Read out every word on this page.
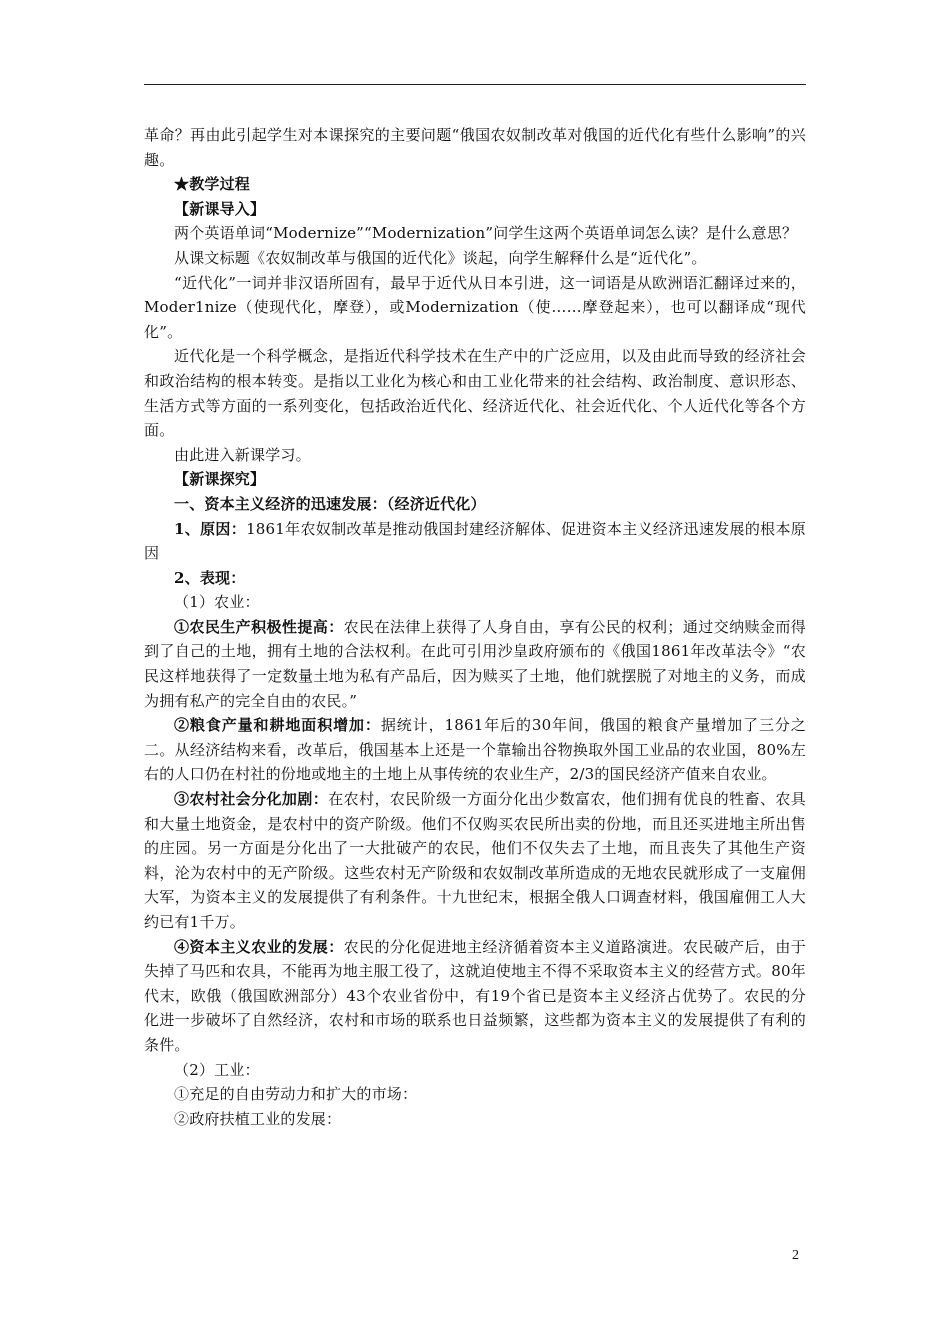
革命？再由此引起学生对本课探究的主要问题“俄国农奴制改革对俄国的近代化有些什么影响”的兴趣。

★教学过程

【新课导入】

两个英语单词“Modernize”“Modernization”问学生这两个英语单词怎么读？是什么意思？

从课文标题《农奴制改革与俄国的近代化》谈起，向学生解释什么是“近代化”。

“近代化”一词并非汉语所固有，最早于近代从日本引进，这一词语是从欧洲语汇翻译过来的，Moder1nize（使现代化，摩登），或Modernization（使……摩登起来），也可以翻译成“现代化”。

近代化是一个科学概念，是指近代科学技术在生产中的广泛应用，以及由此而导致的经济社会和政治结构的根本转变。是指以工业化为核心和由工业化带来的社会结构、政治制度、意识形态、生活方式等方面的一系列变化，包括政治近代化、经济近代化、社会近代化、个人近代化等各个方面。

由此进入新课学习。

【新课探究】

一、资本主义经济的迅速发展：（经济近代化）

1、原因：1861年农奴制改革是推动俄国封建经济解体、促进资本主义经济迅速发展的根本原因

2、表现：

（1）农业：

①农民生产积极性提高：农民在法律上获得了人身自由，享有公民的权利；通过交纳赎金而得到了自己的土地，拥有土地的合法权利。在此可引用沙皇政府颁布的《俄国1861年改革法令》“农民这样地获得了一定数量土地为私有产品后，因为赎买了土地，他们就摆脱了对地主的义务，而成为拥有私产的完全自由的农民。”

②粮食产量和耕地面积增加：据统计，1861年后的30年间，俄国的粮食产量增加了三分之二。从经济结构来看，改革后，俄国基本上还是一个靠输出谷物换取外国工业品的农业国，80%左右的人口仍在村社的份地或地主的土地上从事传统的农业生产，2/3的国民经济产值来自农业。

③农村社会分化加剧：在农村，农民阶级一方面分化出少数富农，他们拥有优良的牲畜、农具和大量土地资金，是农村中的资产阶级。他们不仅购买农民所出卖的份地，而且还买进地主所出售的庄园。另一方面是分化出了一大批破产的农民，他们不仅失去了土地，而且丧失了其他生产资料，沦为农村中的无产阶级。这些农村无产阶级和农奴制改革所造成的无地农民就形成了一支雇佣大军，为资本主义的发展提供了有利条件。十九世纪末，根据全俄人口调查材料，俄国雇佣工人大约已有1千万。

④资本主义农业的发展：农民的分化促进地主经济循着资本主义道路演进。农民破产后，由于失掉了马匹和农具，不能再为地主服工役了，这就迫使地主不得不采取资本主义的经营方式。80年代末，欧俄（俄国欧洲部分）43个农业省份中，有19个省已是资本主义经济占优势了。农民的分化进一步破坏了自然经济，农村和市场的联系也日益频繁，这些都为资本主义的发展提供了有利的条件。

（2）工业：

①充足的自由劳动力和扩大的市场：

②政府扶植工业的发展：

2
